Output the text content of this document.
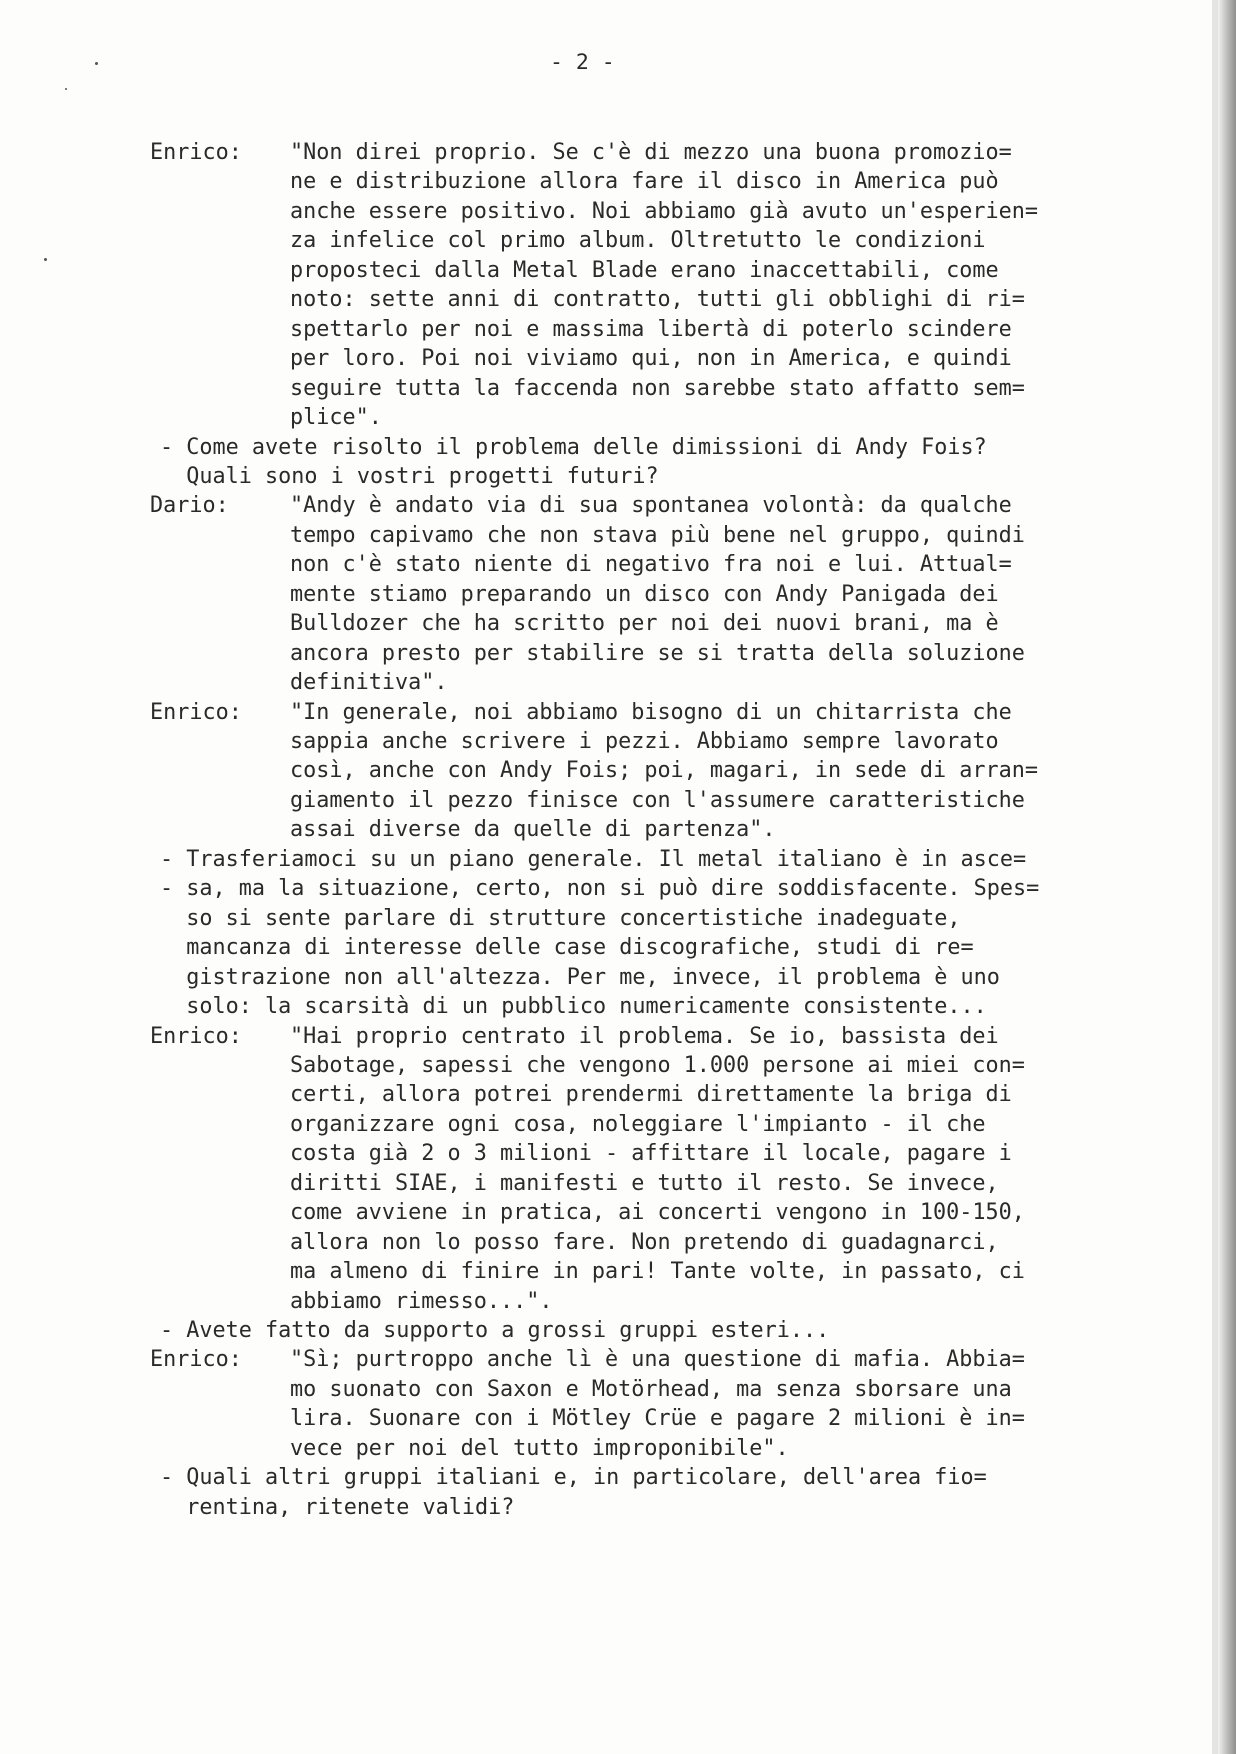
- 2 -
Enrico: "Non direi proprio. Se c'è di mezzo una buona promozio=
ne e distribuzione allora fare il disco in America può
anche essere positivo. Noi abbiamo già avuto un'esperien=
za infelice col primo album. Oltretutto le condizioni
proposteci dalla Metal Blade erano inaccettabili, come
noto: sette anni di contratto, tutti gli obblighi di ri=
spettarlo per noi e massima libertà di poterlo scindere
per loro. Poi noi viviamo qui, non in America, e quindi
seguire tutta la faccenda non sarebbe stato affatto sem=
plice".
- Come avete risolto il problema delle dimissioni di Andy Fois?
Quali sono i vostri progetti futuri?
Dario:	"Andy è andato via di sua spontanea volontà: da qualche
tempo capivamo che non stava più bene nel gruppo, quindi
non c'è stato niente di negativo fra noi e lui. Attual=
mente stiamo preparando un disco con Andy Panigada dei
Bulldozer che ha scritto per noi dei nuovi brani, ma è
ancora presto per stabilire se si tratta della soluzione
definitiva".
Enrico: "In generale, noi abbiamo bisogno di un chitarrista che
sappia anche scrivere i pezzi. Abbiamo sempre lavorato
così, anche con Andy Fois; poi, magari, in sede di arran=
giamento il pezzo finisce con l'assumere caratteristiche
assai diverse da quelle di partenza".
- Trasferiamoci su un piano generale. Il metal italiano è in asce=
- sa, ma la situazione, certo, non si può dire soddisfacente. Spes=
so si sente parlare di strutture concertistiche inadeguate,
mancanza di interesse delle case discografiche, studi di re=
gistrazione non all'altezza. Per me, invece, il problema è uno
solo: la scarsità di un pubblico numericamente consistente...
Enrico: "Hai proprio centrato il problema. Se io, bassista dei
Sabotage, sapessi che vengono 1.000 persone ai miei con=
certi, allora potrei prendermi direttamente la briga di
organizzare ogni cosa, noleggiare l'impianto - il che
costa già 2 o 3 milioni - affittare il locale, pagare i
diritti SIAE, i manifesti e tutto il resto. Se invece,
come avviene in pratica, ai concerti vengono in 100-150,
allora non lo posso fare. Non pretendo di guadagnarci,
ma almeno di finire in pari! Tante volte, in passato, ci
abbiamo rimesso...".
- Avete fatto da supporto a grossi gruppi esteri...
Enrico: "Sì; purtroppo anche lì è una questione di mafia. Abbia=
mo suonato con Saxon e Motörhead, ma senza sborsare una
lira. Suonare con i Mötley Crüe e pagare 2 milioni è in=
vece per noi del tutto improponibile".
- Quali altri gruppi italiani e, in particolare, dell'area fio=
rentina, ritenete validi?
